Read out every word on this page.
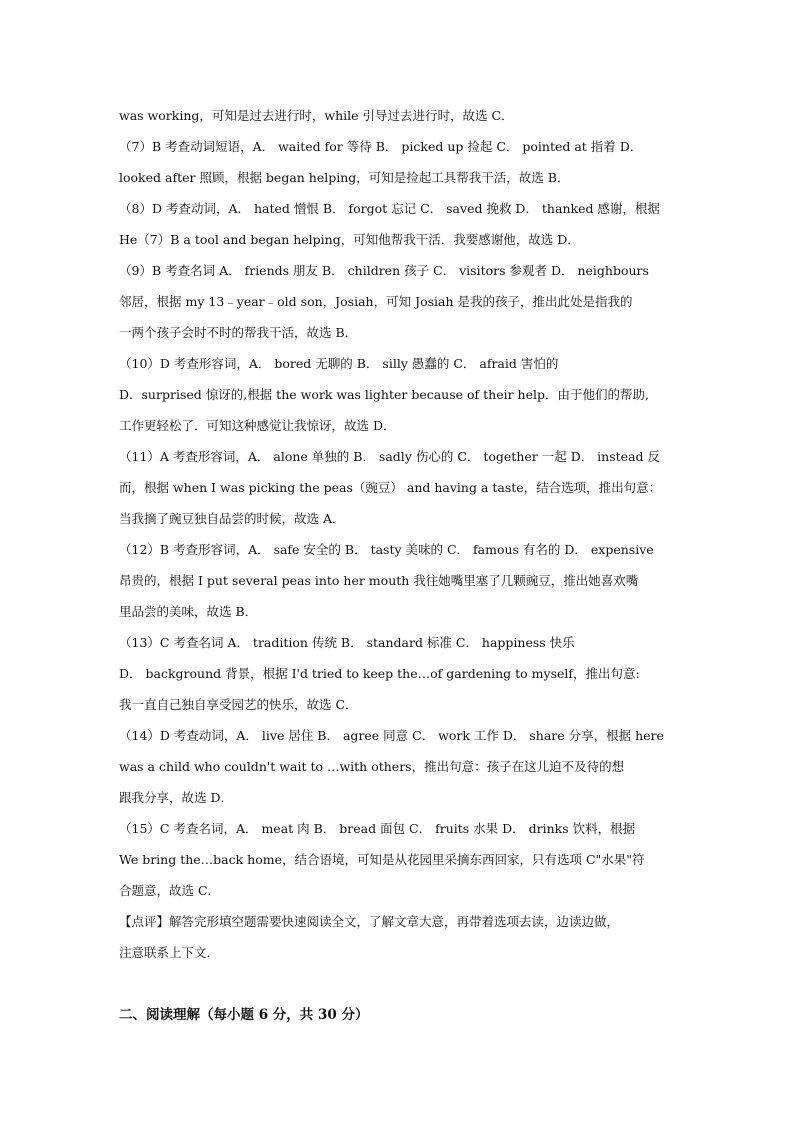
was working，可知是过去进行时，while 引导过去进行时，故选 C．
（7）B 考查动词短语，A． waited for 等待 B． picked up 捡起 C． pointed at 指着 D．
looked after 照顾，根据 began helping，可知是捡起工具帮我干活，故选 B．
（8）D 考查动词，A． hated 憎恨 B． forgot 忘记 C． saved 挽救 D． thanked 感谢，根据
He（7）B a tool and began helping，可知他帮我干活．我要感谢他，故选 D．
（9）B 考查名词 A． friends 朋友 B． children 孩子 C． visitors 参观者 D． neighbours
邻居，根据 my 13﹣year﹣old son，Josiah，可知 Josiah 是我的孩子，推出此处是指我的
一两个孩子会时不时的帮我干活，故选 B．
（10）D 考查形容词，A． bored 无聊的 B． silly 愚蠢的 C． afraid 害怕的
D．surprised 惊讶的,根据 the work was lighter because of their help．由于他们的帮助,
工作更轻松了．可知这种感觉让我惊讶，故选 D．
（11）A 考查形容词，A． alone 单独的 B． sadly 伤心的 C． together 一起 D． instead 反
而，根据 when I was picking the peas（豌豆） and having a taste，结合选项，推出句意：
当我摘了豌豆独自品尝的时候，故选 A．
（12）B 考查形容词，A． safe 安全的 B． tasty 美味的 C． famous 有名的 D． expensive
昂贵的，根据 I put several peas into her mouth 我往她嘴里塞了几颗豌豆，推出她喜欢嘴
里品尝的美味，故选 B．
（13）C 考查名词 A． tradition 传统 B． standard 标准 C． happiness 快乐
D． background 背景，根据 I'd tried to keep the…of gardening to myself，推出句意:
我一直自己独自享受园艺的快乐，故选 C．
（14）D 考查动词，A． live 居住 B． agree 同意 C． work 工作 D． share 分享，根据 here
was a child who couldn't wait to …with others，推出句意：孩子在这儿迫不及待的想
跟我分享，故选 D．
（15）C 考查名词，A． meat 肉 B． bread 面包 C． fruits 水果 D． drinks 饮料，根据
We bring the…back home，结合语境，可知是从花园里采摘东西回家，只有选项 C"水果"符
合题意，故选 C．
【点评】解答完形填空题需要快速阅读全文，了解文章大意，再带着选项去读，边读边做，
注意联系上下文．
二、阅读理解（每小题 6 分，共 30 分）
